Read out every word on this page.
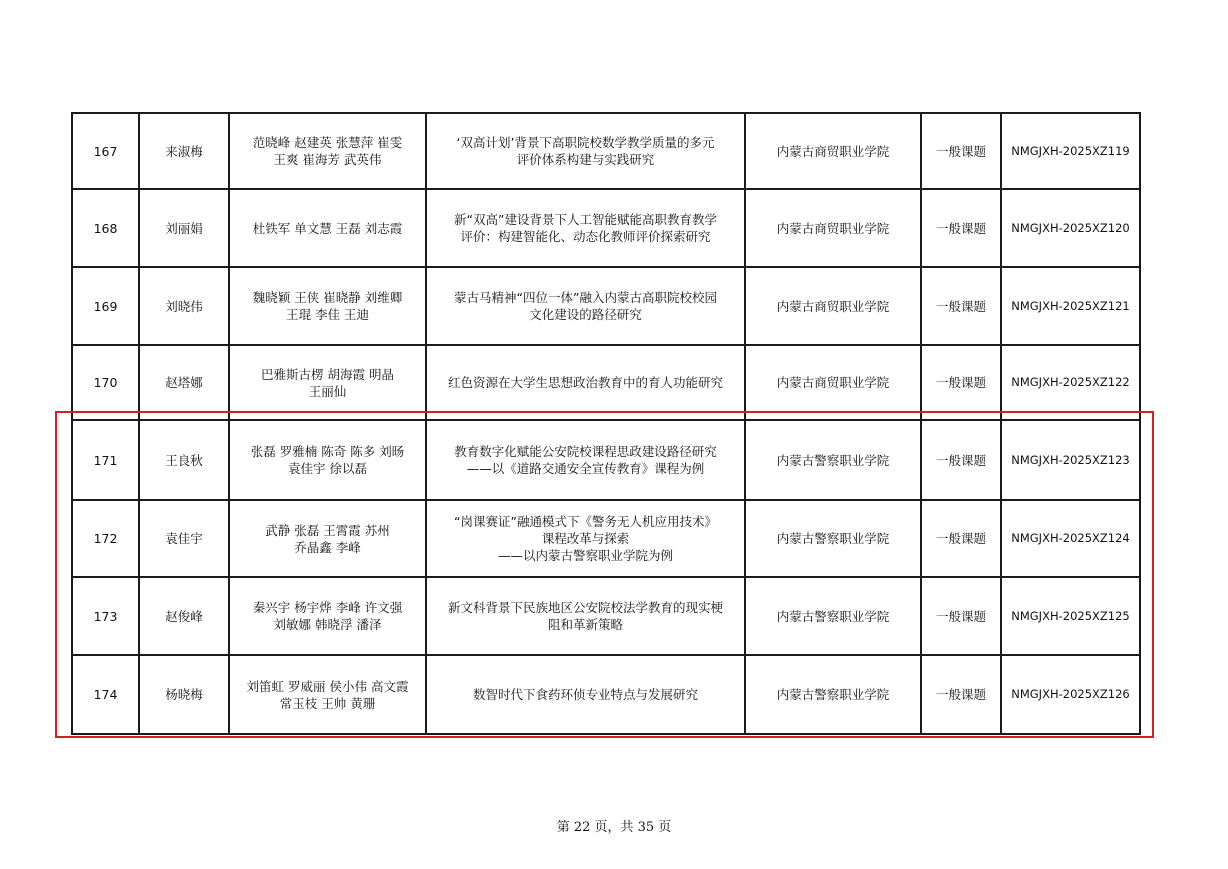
167	来淑梅	范晓峰 赵建英 张慧萍 崔雯
王爽 崔海芳 武英伟	‘双高计划’背景下高职院校数学教学质量的多元
评价体系构建与实践研究	内蒙古商贸职业学院	一般课题	NMGJXH-2025XZ119
168	刘丽娟	杜铁军 单文慧 王磊 刘志霞	新“双高”建设背景下人工智能赋能高职教育教学
评价：构建智能化、动态化教师评价探索研究	内蒙古商贸职业学院	一般课题	NMGJXH-2025XZ120
169	刘晓伟	魏晓颖 王侠 崔晓静 刘维卿
王琨 李佳 王迪	蒙古马精神“四位一体”融入内蒙古高职院校校园
文化建设的路径研究	内蒙古商贸职业学院	一般课题	NMGJXH-2025XZ121
170	赵塔娜	巴雅斯古楞 胡海霞 明晶
王丽仙	红色资源在大学生思想政治教育中的育人功能研究	内蒙古商贸职业学院	一般课题	NMGJXH-2025XZ122
171	王良秋	张磊 罗雅楠 陈奇 陈多 刘旸
袁佳宇 徐以磊	教育数字化赋能公安院校课程思政建设路径研究
——以《道路交通安全宣传教育》课程为例	内蒙古警察职业学院	一般课题	NMGJXH-2025XZ123
172	袁佳宇	武静 张磊 王霄霞 苏州
乔晶鑫 李峰	“岗课赛证”融通模式下《警务无人机应用技术》
课程改革与探索
——以内蒙古警察职业学院为例	内蒙古警察职业学院	一般课题	NMGJXH-2025XZ124
173	赵俊峰	秦兴宇 杨宇烨 李峰 许文强
刘敏娜 韩晓浮 潘泽	新文科背景下民族地区公安院校法学教育的现实梗
阻和革新策略	内蒙古警察职业学院	一般课题	NMGJXH-2025XZ125
174	杨晓梅	刘笛虹 罗威丽 侯小伟 高文霞
常玉枝 王帅 黄珊	数智时代下食药环侦专业特点与发展研究	内蒙古警察职业学院	一般课题	NMGJXH-2025XZ126
第 22 页，共 35 页
